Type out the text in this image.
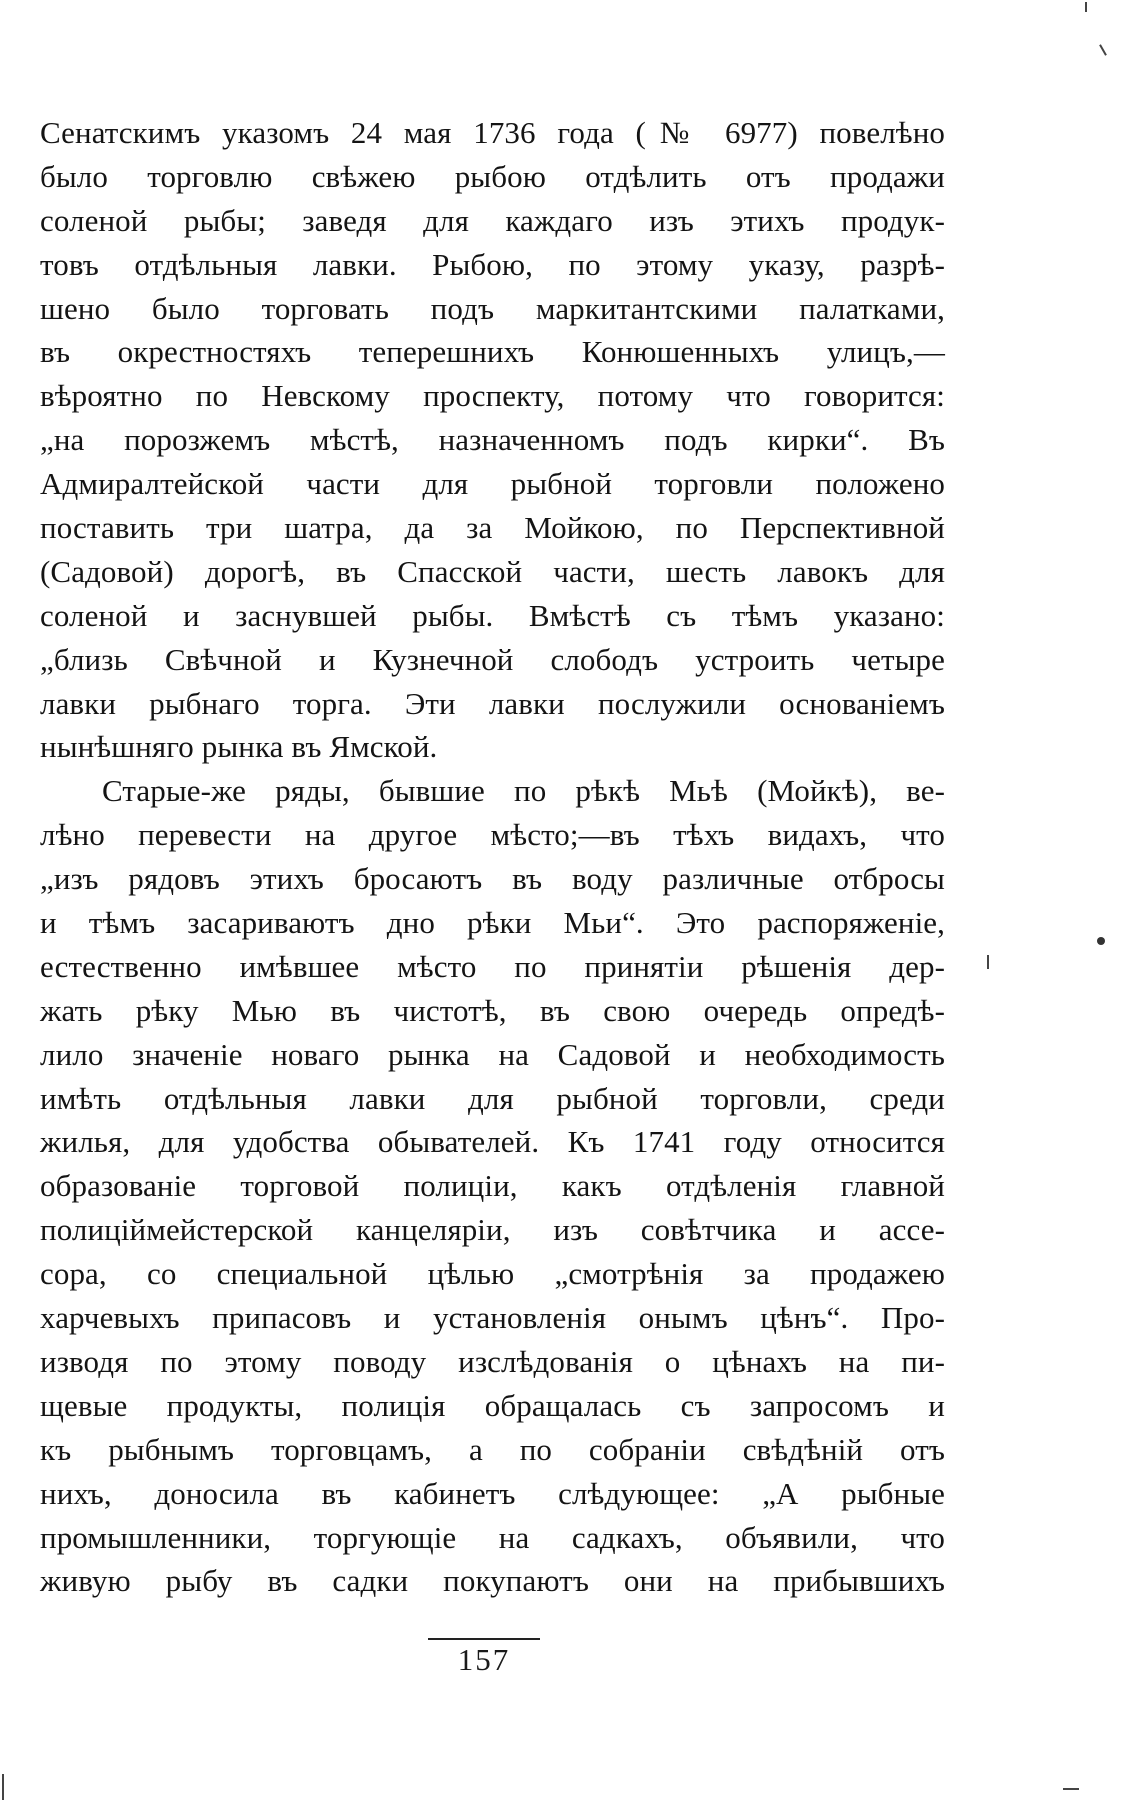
Сенатскимъ указомъ 24 мая 1736 года (№ 6977) повелѣно
было торговлю свѣжею рыбою отдѣлить отъ продажи
соленой рыбы; заведя для каждаго изъ этихъ продук-
товъ отдѣльныя лавки. Рыбою, по этому указу, разрѣ-
шено было торговать подъ маркитантскими палатками,
въ окрестностяхъ теперешнихъ Конюшенныхъ улицъ,—
вѣроятно по Невскому проспекту, потому что говорится:
„на порозжемъ мѣстѣ, назначенномъ подъ кирки“. Въ
Адмиралтейской части для рыбной торговли положено
поставить три шатра, да за Мойкою, по Перспективной
(Садовой) дорогѣ, въ Спасской части, шесть лавокъ для
соленой и заснувшей рыбы. Вмѣстѣ съ тѣмъ указано:
„близь Свѣчной и Кузнечной слободъ устроить четыре
лавки рыбнаго торга. Эти лавки послужили основанiемъ
нынѣшняго рынка въ Ямской.
Старые-же ряды, бывшие по рѣкѣ Мьѣ (Мойкѣ), ве-
лѣно перевести на другое мѣсто;—въ тѣхъ видахъ, что
„изъ рядовъ этихъ бросаютъ въ воду различные отбросы
и тѣмъ засариваютъ дно рѣки Мьи“. Это распоряженiе,
естественно имѣвшее мѣсто по принятiи рѣшенiя дер-
жать рѣку Мью въ чистотѣ, въ свою очередь опредѣ-
лило значенiе новаго рынка на Садовой и необходимость
имѣть отдѣльныя лавки для рыбной торговли, среди
жилья, для удобства обывателей. Къ 1741 году относится
образованiе торговой полицiи, какъ отдѣленiя главной
полицiймейстерской канцелярiи, изъ совѣтчика и ассе-
сора, со специальной цѣлью „смотрѣнiя за продажею
харчевыхъ припасовъ и установленiя онымъ цѣнъ“. Про-
изводя по этому поводу изслѣдованiя о цѣнахъ на пи-
щевые продукты, полицiя обращалась съ запросомъ и
къ рыбнымъ торговцамъ, а по собранiи свѣдѣнiй отъ
нихъ, доносила въ кабинетъ слѣдующее: „А рыбные
промышленники, торгующiе на садкахъ, объявили, что
живую рыбу въ садки покупаютъ они на прибывшихъ
157
